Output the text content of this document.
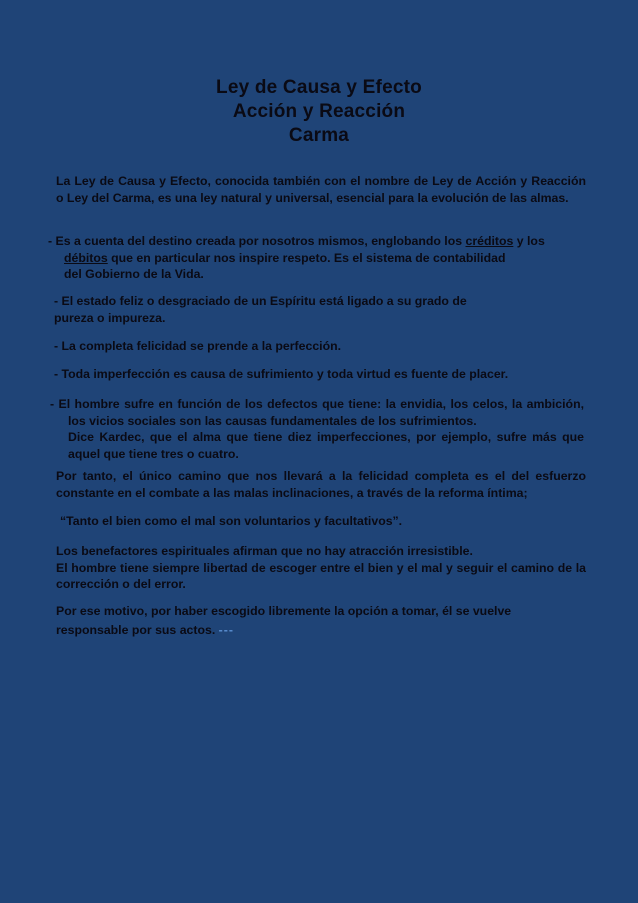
Ley de Causa y Efecto
Acción y Reacción
Carma

La Ley de Causa y Efecto, conocida también con el nombre de Ley de Acción y Reacción o Ley del Carma, es una ley natural y universal, esencial para la evolución de las almas.

- Es a cuenta del destino creada por nosotros mismos, englobando los créditos y los
débitos que en particular nos inspire respeto. Es el sistema de contabilidad
del Gobierno de la Vida.
- El estado feliz o desgraciado de un Espíritu está ligado a su grado de
pureza o impureza.
- La completa felicidad se prende a la perfección.
- Toda imperfección es causa de sufrimiento y toda virtud es fuente de placer.
- El hombre sufre en función de los defectos que tiene: la envidia, los celos, la ambición, los vicios sociales son las causas fundamentales de los sufrimientos.
Dice Kardec, que el alma que tiene diez imperfecciones, por ejemplo, sufre más que aquel que tiene tres o cuatro.

Por tanto, el único camino que nos llevará a la felicidad completa es el del esfuerzo constante en el combate a las malas inclinaciones, a través de la reforma íntima;

“Tanto el bien como el mal son voluntarios y facultativos”.
Los benefactores espirituales afirman que no hay atracción irresistible.
El hombre tiene siempre libertad de escoger entre el bien y el mal y seguir el camino de la corrección o del error.
Por ese motivo, por haber escogido libremente la opción a tomar, él se vuelve
responsable por sus actos. ---
